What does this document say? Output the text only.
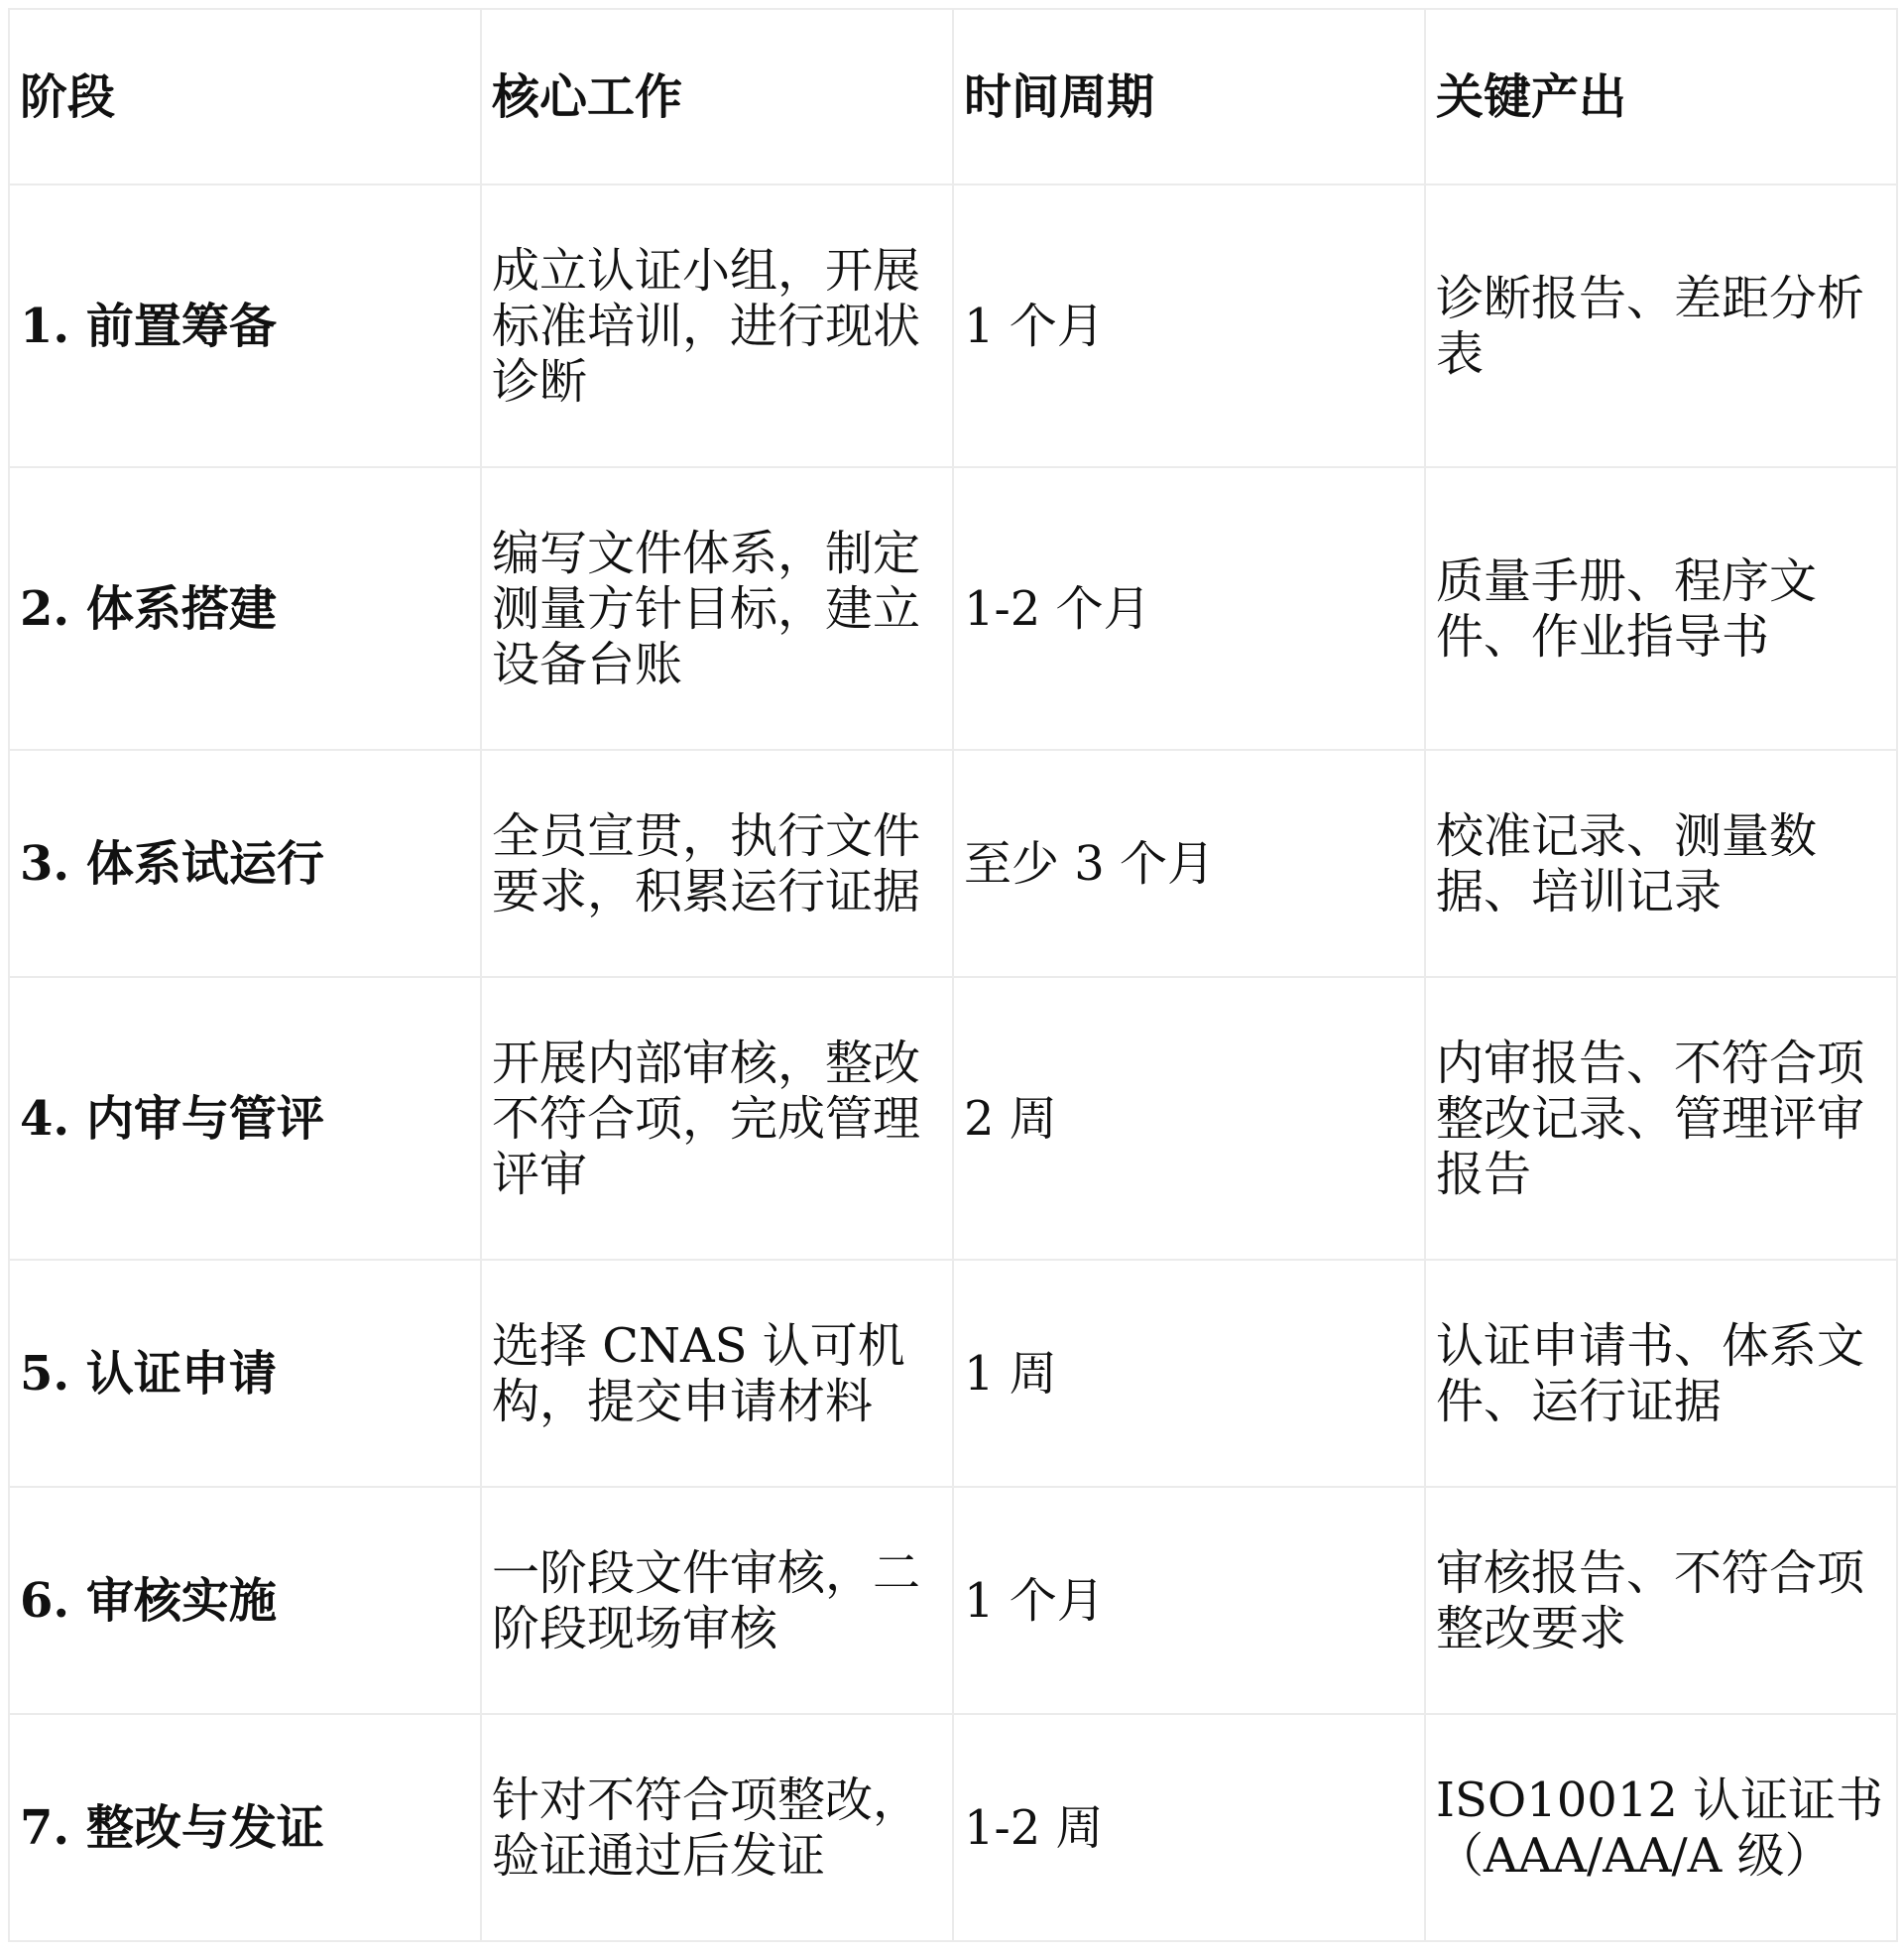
阶段	核心工作	时间周期	关键产出
1. 前置筹备	成立认证小组，开展标准培训，进行现状诊断	1 个月	诊断报告、差距分析表
2. 体系搭建	编写文件体系，制定测量方针目标，建立设备台账	1-2 个月	质量手册、程序文件、作业指导书
3. 体系试运行	全员宣贯，执行文件要求，积累运行证据	至少 3 个月	校准记录、测量数据、培训记录
4. 内审与管评	开展内部审核，整改不符合项，完成管理评审	2 周	内审报告、不符合项整改记录、管理评审报告
5. 认证申请	选择 CNAS 认可机构，提交申请材料	1 周	认证申请书、体系文件、运行证据
6. 审核实施	一阶段文件审核，二阶段现场审核	1 个月	审核报告、不符合项整改要求
7. 整改与发证	针对不符合项整改，验证通过后发证	1-2 周	ISO10012 认证证书（AAA/AA/A 级）
